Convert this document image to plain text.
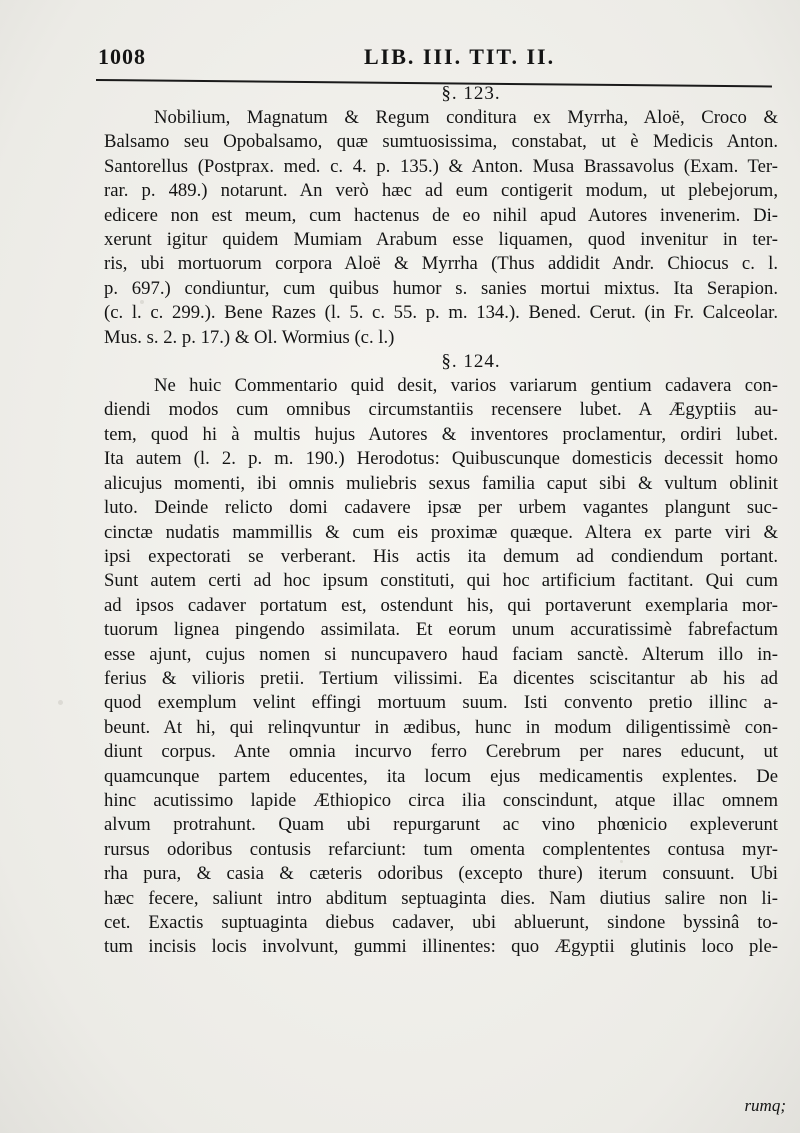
1008	LIB. III. TIT. II.
§. 123.
Nobilium, Magnatum & Regum conditura ex Myrrha, Aloë, Croco &
Balsamo seu Opobalsamo, quæ sumtuosissima, constabat, ut è Medicis Anton.
Santorellus (Postprax. med. c. 4. p. 135.) & Anton. Musa Brassavolus (Exam. Ter-
rar. p. 489.) notarunt. An verò hæc ad eum contigerit modum, ut plebejorum,
edicere non est meum, cum hactenus de eo nihil apud Autores invenerim. Di-
xerunt igitur quidem Mumiam Arabum esse liquamen, quod invenitur in ter-
ris, ubi mortuorum corpora Aloë & Myrrha (Thus addidit Andr. Chiocus c. l.
p. 697.) condiuntur, cum quibus humor s. sanies mortui mixtus. Ita Serapion.
(c. l. c. 299.). Bene Razes (l. 5. c. 55. p. m. 134.). Bened. Cerut. (in Fr. Calceolar.
Mus. s. 2. p. 17.) & Ol. Wormius (c. l.)
§. 124.
Ne huic Commentario quid desit, varios variarum gentium cadavera con-
diendi modos cum omnibus circumstantiis recensere lubet. A Ægyptiis au-
tem, quod hi à multis hujus Autores & inventores proclamentur, ordiri lubet.
Ita autem (l. 2. p. m. 190.) Herodotus: Quibuscunque domesticis decessit homo
alicujus momenti, ibi omnis muliebris sexus familia caput sibi & vultum oblinit
luto. Deinde relicto domi cadavere ipsæ per urbem vagantes plangunt suc-
cinctæ nudatis mammillis & cum eis proximæ quæque. Altera ex parte viri &
ipsi expectorati se verberant. His actis ita demum ad condiendum portant.
Sunt autem certi ad hoc ipsum constituti, qui hoc artificium factitant. Qui cum
ad ipsos cadaver portatum est, ostendunt his, qui portaverunt exemplaria mor-
tuorum lignea pingendo assimilata. Et eorum unum accuratissimè fabrefactum
esse ajunt, cujus nomen si nuncupavero haud faciam sanctè. Alterum illo in-
ferius & vilioris pretii. Tertium vilissimi. Ea dicentes sciscitantur ab his ad
quod exemplum velint effingi mortuum suum. Isti convento pretio illinc a-
beunt. At hi, qui relinqvuntur in ædibus, hunc in modum diligentissimè con-
diunt corpus. Ante omnia incurvo ferro Cerebrum per nares educunt, ut
quamcunque partem educentes, ita locum ejus medicamentis explentes. De
hinc acutissimo lapide Æthiopico circa ilia conscindunt, atque illac omnem
alvum protrahunt. Quam ubi repurgarunt ac vino phœnicio expleverunt
rursus odoribus contusis refarciunt: tum omenta complententes contusa myr-
rha pura, & casia & cæteris odoribus (excepto thure) iterum consuunt. Ubi
hæc fecere, saliunt intro abditum septuaginta dies. Nam diutius salire non li-
cet. Exactis suptuaginta diebus cadaver, ubi abluerunt, sindone byssinâ to-
tum incisis locis involvunt, gummi illinentes: quo Ægyptii glutinis loco ple-
rumq;
